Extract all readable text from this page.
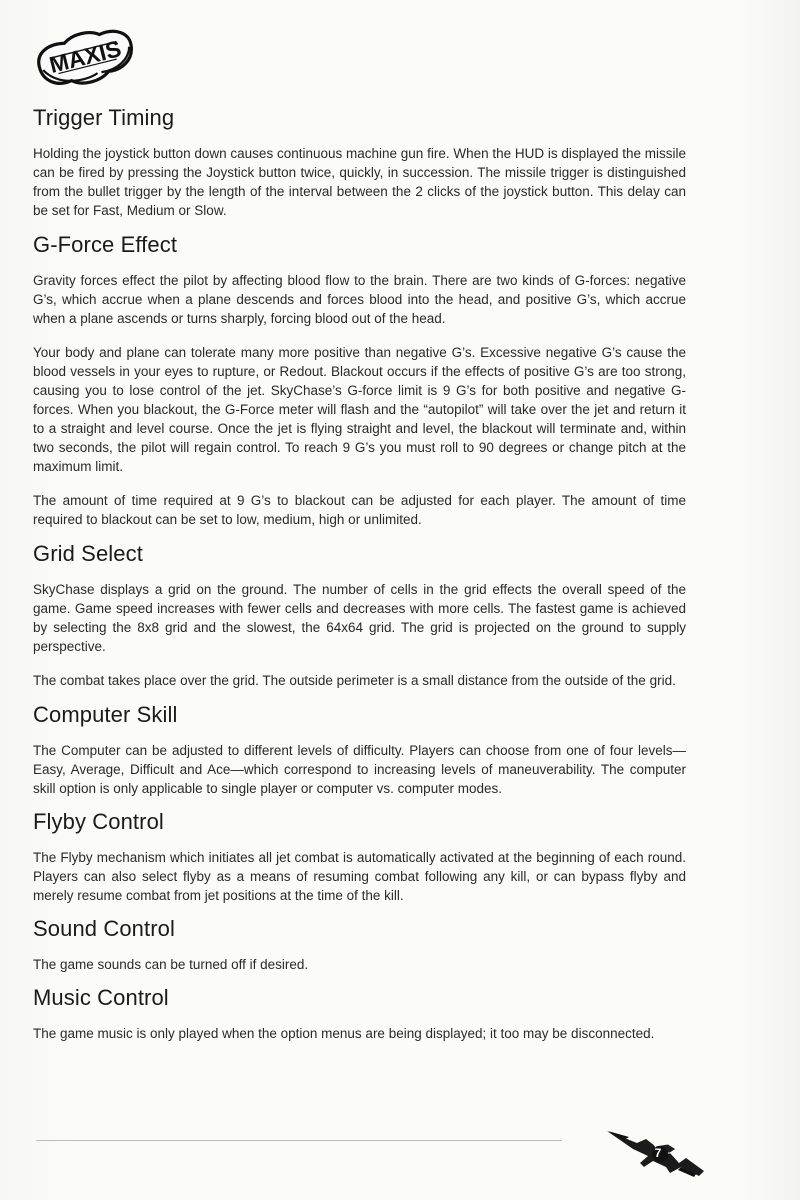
MAXIS
Trigger Timing

Holding the joystick button down causes continuous machine gun fire. When the HUD is displayed the missile can be fired by pressing the Joystick button twice, quickly, in succession. The missile trigger is distinguished from the bullet trigger by the length of the interval between the 2 clicks of the joystick button. This delay can be set for Fast, Medium or Slow.

G-Force Effect

Gravity forces effect the pilot by affecting blood flow to the brain. There are two kinds of G-forces: negative G’s, which accrue when a plane descends and forces blood into the head, and positive G’s, which accrue when a plane ascends or turns sharply, forcing blood out of the head.

Your body and plane can tolerate many more positive than negative G’s. Excessive negative G’s cause the blood vessels in your eyes to rupture, or Redout. Blackout occurs if the effects of positive G’s are too strong, causing you to lose control of the jet. SkyChase’s G-force limit is 9 G’s for both positive and negative G-forces. When you blackout, the G-Force meter will flash and the “autopilot” will take over the jet and return it to a straight and level course. Once the jet is flying straight and level, the blackout will terminate and, within two seconds, the pilot will regain control. To reach 9 G’s you must roll to 90 degrees or change pitch at the maximum limit.

The amount of time required at 9 G’s to blackout can be adjusted for each player. The amount of time required to blackout can be set to low, medium, high or unlimited.

Grid Select

SkyChase displays a grid on the ground. The number of cells in the grid effects the overall speed of the game. Game speed increases with fewer cells and decreases with more cells. The fastest game is achieved by selecting the 8x8 grid and the slowest, the 64x64 grid. The grid is projected on the ground to supply perspective.

The combat takes place over the grid. The outside perimeter is a small distance from the outside of the grid.

Computer Skill

The Computer can be adjusted to different levels of difficulty. Players can choose from one of four levels—Easy, Average, Difficult and Ace—which correspond to increasing levels of maneuverability. The computer skill option is only applicable to single player or computer vs. computer modes.

Flyby Control

The Flyby mechanism which initiates all jet combat is automatically activated at the beginning of each round. Players can also select flyby as a means of resuming combat following any kill, or can bypass flyby and merely resume combat from jet positions at the time of the kill.

Sound Control

The game sounds can be turned off if desired.

Music Control

The game music is only played when the option menus are being displayed; it too may be disconnected.

7
